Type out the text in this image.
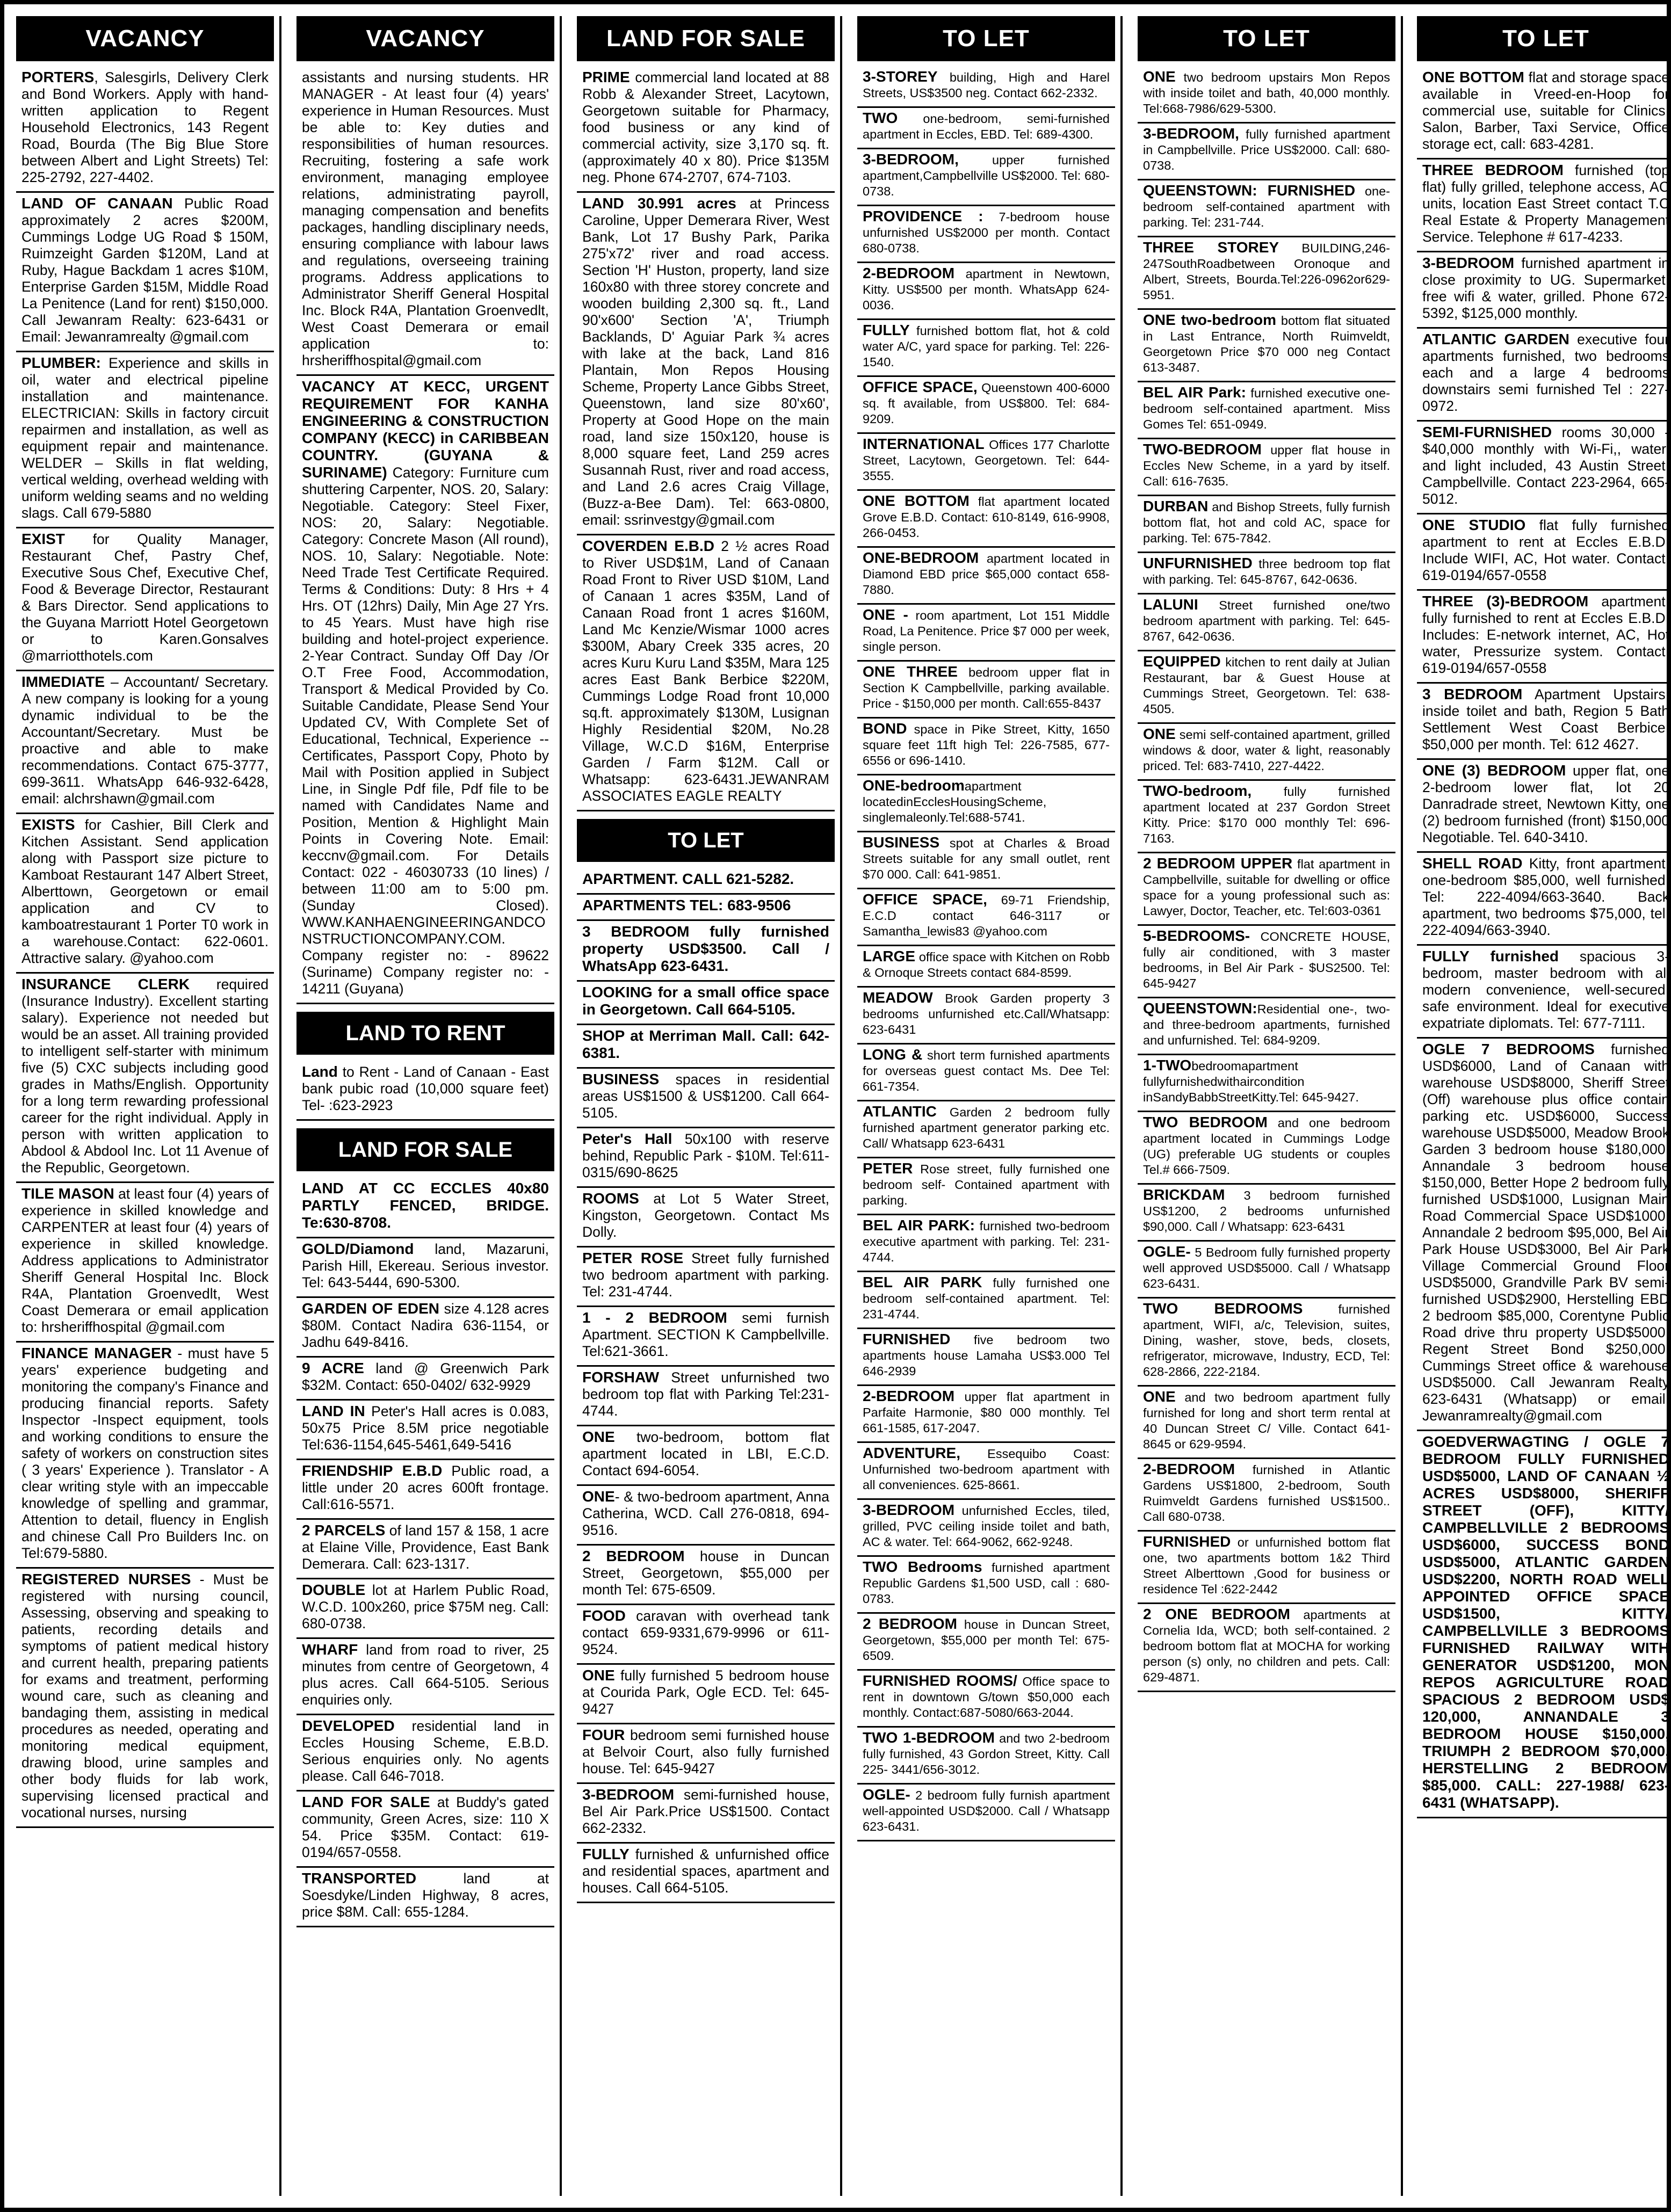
VACANCY
PORTERS, Salesgirls, Delivery Clerk and Bond Workers. Apply with hand-written application to Regent Household Electronics, 143 Regent Road, Bourda (The Big Blue Store between Albert and Light Streets) Tel: 225-2792, 227-4402.
LAND OF CANAAN Public Road approximately 2 acres $200M, Cummings Lodge UG Road $ 150M, Ruimzeight Garden $120M, Land at Ruby, Hague Backdam 1 acres $10M, Enterprise Garden $15M, Middle Road La Penitence (Land for rent) $150,000. Call Jewanram Realty: 623-6431 or Email: Jewanramrealty @gmail.com
PLUMBER: Experience and skills in oil, water and electrical pipeline installation and maintenance. ELECTRICIAN: Skills in factory circuit repairmen and installation, as well as equipment repair and maintenance. WELDER – Skills in flat welding, vertical welding, overhead welding with uniform welding seams and no welding slags. Call 679-5880
EXIST for Quality Manager, Restaurant Chef, Pastry Chef, Executive Sous Chef, Executive Chef, Food & Beverage Director, Restaurant & Bars Director. Send applications to the Guyana Marriott Hotel Georgetown or to Karen.Gonsalves @marriotthotels.com
IMMEDIATE – Accountant/ Secretary. A new company is looking for a young dynamic individual to be the Accountant/Secretary. Must be proactive and able to make recommendations. Contact 675-3777, 699-3611. WhatsApp 646-932-6428, email: alchrshawn@gmail.com
EXISTS for Cashier, Bill Clerk and Kitchen Assistant. Send application along with Passport size picture to Kamboat Restaurant 147 Albert Street, Alberttown, Georgetown or email application and CV to kamboatrestaurant 1 Porter T0 work in a warehouse.Contact: 622-0601. Attractive salary. @yahoo.com
INSURANCE CLERK required (Insurance Industry). Excellent starting salary). Experience not needed but would be an asset. All training provided to intelligent self-starter with minimum five (5) CXC subjects including good grades in Maths/English. Opportunity for a long term rewarding professional career for the right individual. Apply in person with written application to Abdool & Abdool Inc. Lot 11 Avenue of the Republic, Georgetown.
TILE MASON at least four (4) years of experience in skilled knowledge and CARPENTER at least four (4) years of experience in skilled knowledge. Address applications to Administrator Sheriff General Hospital Inc. Block R4A, Plantation Groenvedlt, West Coast Demerara or email application to: hrsheriffhospital @gmail.com
FINANCE MANAGER - must have 5 years' experience budgeting and monitoring the company's Finance and producing financial reports. Safety Inspector -Inspect equipment, tools and working conditions to ensure the safety of workers on construction sites ( 3 years' Experience ). Translator - A clear writing style with an impeccable knowledge of spelling and grammar, Attention to detail, fluency in English and chinese Call Pro Builders Inc. on Tel:679-5880.
REGISTERED NURSES - Must be registered with nursing council, Assessing, observing and speaking to patients, recording details and symptoms of patient medical history and current health, preparing patients for exams and treatment, performing wound care, such as cleaning and bandaging them, assisting in medical procedures as needed, operating and monitoring medical equipment, drawing blood, urine samples and other body fluids for lab work, supervising licensed practical and vocational nurses, nursing
VACANCY
assistants and nursing students. HR MANAGER - At least four (4) years' experience in Human Resources. Must be able to: Key duties and responsibilities of human resources. Recruiting, fostering a safe work environment, managing employee relations, administrating payroll, managing compensation and benefits packages, handling disciplinary needs, ensuring compliance with labour laws and regulations, overseeing training programs. Address applications to Administrator Sheriff General Hospital Inc. Block R4A, Plantation Groenvedlt, West Coast Demerara or email application to: hrsheriffhospital@gmail.com
VACANCY AT KECC, URGENT REQUIREMENT FOR KANHA ENGINEERING & CONSTRUCTION COMPANY (KECC) in CARIBBEAN COUNTRY. (GUYANA & SURINAME) Category: Furniture cum shuttering Carpenter, NOS. 20, Salary: Negotiable. Category: Steel Fixer, NOS: 20, Salary: Negotiable. Category: Concrete Mason (All round), NOS. 10, Salary: Negotiable. Note: Need Trade Test Certificate Required. Terms & Conditions: Duty: 8 Hrs + 4 Hrs. OT (12hrs) Daily, Min Age 27 Yrs. to 45 Years. Must have high rise building and hotel-project experience. 2-Year Contract. Sunday Off Day /Or O.T Free Food, Accommodation, Transport & Medical Provided by Co. Suitable Candidate, Please Send Your Updated CV, With Complete Set of Educational, Technical, Experience -- Certificates, Passport Copy, Photo by Mail with Position applied in Subject Line, in Single Pdf file, Pdf file to be named with Candidates Name and Position, Mention & Highlight Main Points in Covering Note. Email: keccnv@gmail.com. For Details Contact: 022 - 46030733 (10 lines) / between 11:00 am to 5:00 pm. (Sunday Closed). WWW.KANHAENGINEERINGANDCONSTRUCTIONCOMPANY.COM. Company register no: - 89622 (Suriname) Company register no: - 14211 (Guyana)
LAND TO RENT
Land to Rent - Land of Canaan - East bank pubic road (10,000 square feet) Tel- :623-2923
LAND FOR SALE
LAND AT CC ECCLES 40x80 PARTLY FENCED, BRIDGE. Te:630-8708.
GOLD/Diamond land, Mazaruni, Parish Hill, Ekereau. Serious investor. Tel: 643-5444, 690-5300.
GARDEN OF EDEN size 4.128 acres $80M. Contact Nadira 636-1154, or Jadhu 649-8416.
9 ACRE land @ Greenwich Park $32M. Contact: 650-0402/ 632-9929
LAND IN Peter's Hall acres is 0.083, 50x75 Price 8.5M price negotiable Tel:636-1154,645-5461,649-5416
FRIENDSHIP E.B.D Public road, a little under 20 acres 600ft frontage. Call:616-5571.
2 PARCELS of land 157 & 158, 1 acre at Elaine Ville, Providence, East Bank Demerara. Call: 623-1317.
DOUBLE lot at Harlem Public Road, W.C.D. 100x260, price $75M neg. Call: 680-0738.
WHARF land from road to river, 25 minutes from centre of Georgetown, 4 plus acres. Call 664-5105. Serious enquiries only.
DEVELOPED residential land in Eccles Housing Scheme, E.B.D. Serious enquiries only. No agents please. Call 646-7018.
LAND FOR SALE at Buddy's gated community, Green Acres, size: 110 X 54. Price $35M. Contact: 619-0194/657-0558.
TRANSPORTED land at Soesdyke/Linden Highway, 8 acres, price $8M. Call: 655-1284.
LAND FOR SALE
PRIME commercial land located at 88 Robb & Alexander Street, Lacytown, Georgetown suitable for Pharmacy, food business or any kind of commercial activity, size 3,170 sq. ft. (approximately 40 x 80). Price $135M neg. Phone 674-2707, 674-7103.
LAND 30.991 acres at Princess Caroline, Upper Demerara River, West Bank, Lot 17 Bushy Park, Parika 275'x72' river and road access. Section 'H' Huston, property, land size 160x80 with three storey concrete and wooden building 2,300 sq. ft., Land 90'x600' Section 'A', Triumph Backlands, D' Aguiar Park ¾ acres with lake at the back, Land 816 Plantain, Mon Repos Housing Scheme, Property Lance Gibbs Street, Queenstown, land size 80'x60', Property at Good Hope on the main road, land size 150x120, house is 8,000 square feet, Land 259 acres Susannah Rust, river and road access, and Land 2.6 acres Craig Village, (Buzz-a-Bee Dam). Tel: 663-0800, email: ssrinvestgy@gmail.com
COVERDEN E.B.D 2 ½ acres Road to River USD$1M, Land of Canaan Road Front to River USD $10M, Land of Canaan 1 acres $35M, Land of Canaan Road front 1 acres $160M, Land Mc Kenzie/Wismar 1000 acres $300M, Abary Creek 335 acres, 20 acres Kuru Kuru Land $35M, Mara 125 acres East Bank Berbice $220M, Cummings Lodge Road front 10,000 sq.ft. approximately $130M, Lusignan Highly Residential $20M, No.28 Village, W.C.D $16M, Enterprise Garden / Farm $12M. Call or Whatsapp: 623-6431.JEWANRAM ASSOCIATES EAGLE REALTY
TO LET
APARTMENT. CALL 621-5282.
APARTMENTS TEL: 683-9506
3 BEDROOM fully furnished property USD$3500. Call / WhatsApp 623-6431.
LOOKING for a small office space in Georgetown. Call 664-5105.
SHOP at Merriman Mall. Call: 642-6381.
BUSINESS spaces in residential areas US$1500 & US$1200. Call 664-5105.
Peter's Hall 50x100 with reserve behind, Republic Park - $10M. Tel:611-0315/690-8625
ROOMS at Lot 5 Water Street, Kingston, Georgetown. Contact Ms Dolly.
PETER ROSE Street fully furnished two bedroom apartment with parking. Tel: 231-4744.
1 - 2 BEDROOM semi furnish Apartment. SECTION K Campbellville. Tel:621-3661.
FORSHAW Street unfurnished two bedroom top flat with Parking Tel:231-4744.
ONE two-bedroom, bottom flat apartment located in LBI, E.C.D. Contact 694-6054.
ONE- & two-bedroom apartment, Anna Catherina, WCD. Call 276-0818, 694-9516.
2 BEDROOM house in Duncan Street, Georgetown, $55,000 per month Tel: 675-6509.
FOOD caravan with overhead tank contact 659-9331,679-9996 or 611-9524.
ONE fully furnished 5 bedroom house at Courida Park, Ogle ECD. Tel: 645-9427
FOUR bedroom semi furnished house at Belvoir Court, also fully furnished house. Tel: 645-9427
3-BEDROOM semi-furnished house, Bel Air Park.Price US$1500. Contact 662-2332.
FULLY furnished & unfurnished office and residential spaces, apartment and houses. Call 664-5105.
TO LET
3-STOREY building, High and Harel Streets, US$3500 neg. Contact 662-2332.
TWO one-bedroom, semi-furnished apartment in Eccles, EBD. Tel: 689-4300.
3-BEDROOM, upper furnished apartment,Campbellville US$2000. Tel: 680-0738.
PROVIDENCE : 7-bedroom house unfurnished US$2000 per month. Contact 680-0738.
2-BEDROOM apartment in Newtown, Kitty. US$500 per month. WhatsApp 624-0036.
FULLY furnished bottom flat, hot & cold water A/C, yard space for parking. Tel: 226-1540.
OFFICE SPACE, Queenstown 400-6000 sq. ft available, from US$800. Tel: 684-9209.
INTERNATIONAL Offices 177 Charlotte Street, Lacytown, Georgetown. Tel: 644-3555.
ONE BOTTOM flat apartment located Grove E.B.D. Contact: 610-8149, 616-9908, 266-0453.
ONE-BEDROOM apartment located in Diamond EBD price $65,000 contact 658-7880.
ONE - room apartment, Lot 151 Middle Road, La Penitence. Price $7 000 per week, single person.
ONE THREE bedroom upper flat in Section K Campbellville, parking available. Price - $150,000 per month. Call:655-8437
BOND space in Pike Street, Kitty, 1650 square feet 11ft high Tel: 226-7585, 677-6556 or 696-1410.
ONE-bedroomapartment locatedinEcclesHousingScheme, singlemaleonly.Tel:688-5741.
BUSINESS spot at Charles & Broad Streets suitable for any small outlet, rent $70 000. Call: 641-9851.
OFFICE SPACE, 69-71 Friendship, E.C.D contact 646-3117 or Samantha_lewis83 @yahoo.com
LARGE office space with Kitchen on Robb & Ornoque Streets contact 684-8599.
MEADOW Brook Garden property 3 bedrooms unfurnished etc.Call/Whatsapp: 623-6431
LONG & short term furnished apartments for overseas guest contact Ms. Dee Tel: 661-7354.
ATLANTIC Garden 2 bedroom fully furnished apartment generator parking etc. Call/ Whatsapp 623-6431
PETER Rose street, fully furnished one bedroom self- Contained apartment with parking.
BEL AIR PARK: furnished two-bedroom executive apartment with parking. Tel: 231-4744.
BEL AIR PARK fully furnished one bedroom self-contained apartment. Tel: 231-4744.
FURNISHED five bedroom two apartments house Lamaha US$3.000 Tel 646-2939
2-BEDROOM upper flat apartment in Parfaite Harmonie, $80 000 monthly. Tel 661-1585, 617-2047.
ADVENTURE, Essequibo Coast: Unfurnished two-bedroom apartment with all conveniences. 625-8661.
3-BEDROOM unfurnished Eccles, tiled, grilled, PVC ceiling inside toilet and bath, AC & water. Tel: 664-9062, 662-9248.
TWO Bedrooms furnished apartment Republic Gardens $1,500 USD, call : 680-0783.
2 BEDROOM house in Duncan Street, Georgetown, $55,000 per month Tel: 675-6509.
FURNISHED ROOMS/ Office space to rent in downtown G/town $50,000 each monthly. Contact:687-5080/663-2044.
TWO 1-BEDROOM and two 2-bedroom fully furnished, 43 Gordon Street, Kitty. Call 225- 3441/656-3012.
OGLE- 2 bedroom fully furnish apartment well-appointed USD$2000. Call / Whatsapp 623-6431.
TO LET
ONE two bedroom upstairs Mon Repos with inside toilet and bath, 40,000 monthly. Tel:668-7986/629-5300.
3-BEDROOM, fully furnished apartment in Campbellville. Price US$2000. Call: 680-0738.
QUEENSTOWN: FURNISHED one-bedroom self-contained apartment with parking. Tel: 231-744.
THREE STOREY BUILDING,246-247SouthRoadbetween Oronoque and Albert, Streets, Bourda.Tel:226-0962or629-5951.
ONE two-bedroom bottom flat situated in Last Entrance, North Ruimveldt, Georgetown Price $70 000 neg Contact 613-3487.
BEL AIR Park: furnished executive one-bedroom self-contained apartment. Miss Gomes Tel: 651-0949.
TWO-BEDROOM upper flat house in Eccles New Scheme, in a yard by itself. Call: 616-7635.
DURBAN and Bishop Streets, fully furnish bottom flat, hot and cold AC, space for parking. Tel: 675-7842.
UNFURNISHED three bedroom top flat with parking. Tel: 645-8767, 642-0636.
LALUNI Street furnished one/two bedroom apartment with parking. Tel: 645-8767, 642-0636.
EQUIPPED kitchen to rent daily at Julian Restaurant, bar & Guest House at Cummings Street, Georgetown. Tel: 638-4505.
ONE semi self-contained apartment, grilled windows & door, water & light, reasonably priced. Tel: 683-7410, 227-4422.
TWO-bedroom, fully furnished apartment located at 237 Gordon Street Kitty. Price: $170 000 monthly Tel: 696-7163.
2 BEDROOM UPPER flat apartment in Campbellville, suitable for dwelling or office space for a young professional such as: Lawyer, Doctor, Teacher, etc. Tel:603-0361
5-BEDROOMS- CONCRETE HOUSE, fully air conditioned, with 3 master bedrooms, in Bel Air Park - $US2500. Tel: 645-9427
QUEENSTOWN:Residential one-, two- and three-bedroom apartments, furnished and unfurnished. Tel: 684-9209.
1-TWObedroomapartment fullyfurnishedwithaircondition inSandyBabbStreetKitty.Tel: 645-9427.
TWO BEDROOM and one bedroom apartment located in Cummings Lodge (UG) preferable UG students or couples Tel.# 666-7509.
BRICKDAM 3 bedroom furnished US$1200, 2 bedrooms unfurnished $90,000. Call / Whatsapp: 623-6431
OGLE- 5 Bedroom fully furnished property well approved USD$5000. Call / Whatsapp 623-6431.
TWO BEDROOMS furnished apartment, WIFI, a/c, Television, suites, Dining, washer, stove, beds, closets, refrigerator, microwave, Industry, ECD, Tel: 628-2866, 222-2184.
ONE and two bedroom apartment fully furnished for long and short term rental at 40 Duncan Street C/ Ville. Contact 641-8645 or 629-9594.
2-BEDROOM furnished in Atlantic Gardens US$1800, 2-bedroom, South Ruimveldt Gardens furnished US$1500.. Call 680-0738.
FURNISHED or unfurnished bottom flat one, two apartments bottom 1&2 Third Street Alberttown ,Good for business or residence Tel :622-2442
2 ONE BEDROOM apartments at Cornelia Ida, WCD; both self-contained. 2 bedroom bottom flat at MOCHA for working person (s) only, no children and pets. Call: 629-4871.
TO LET
ONE BOTTOM flat and storage space available in Vreed-en-Hoop for commercial use, suitable for Clinics, Salon, Barber, Taxi Service, Office storage ect, call: 683-4281.
THREE BEDROOM furnished (top flat) fully grilled, telephone access, AC units, location East Street contact T.C Real Estate & Property Management Service. Telephone # 617-4233.
3-BEDROOM furnished apartment in close proximity to UG. Supermarket, free wifi & water, grilled. Phone 672-5392, $125,000 monthly.
ATLANTIC GARDEN executive four apartments furnished, two bedrooms each and a large 4 bedrooms downstairs semi furnished Tel : 227-0972.
SEMI-FURNISHED rooms 30,000 - $40,000 monthly with Wi-Fi,, water, and light included, 43 Austin Street, Campbellville. Contact 223-2964, 665-5012.
ONE STUDIO flat fully furnished apartment to rent at Eccles E.B.D. Include WIFI, AC, Hot water. Contact: 619-0194/657-0558
THREE (3)-BEDROOM apartment, fully furnished to rent at Eccles E.B.D. Includes: E-network internet, AC, Hot water, Pressurize system. Contact: 619-0194/657-0558
3 BEDROOM Apartment Upstairs, inside toilet and bath, Region 5 Bath Settlement West Coast Berbice, $50,000 per month. Tel: 612 4627.
ONE (3) BEDROOM upper flat, one 2-bedroom lower flat, lot 20 Danradrade street, Newtown Kitty, one (2) bedroom furnished (front) $150,000 Negotiable. Tel. 640-3410.
SHELL ROAD Kitty, front apartment, one-bedroom $85,000, well furnished. Tel: 222-4094/663-3640. Back apartment, two bedrooms $75,000, tel: 222-4094/663-3940.
FULLY furnished spacious 3-bedroom, master bedroom with all modern convenience, well-secured, safe environment. Ideal for executive expatriate diplomats. Tel: 677-7111.
OGLE 7 BEDROOMS furnished USD$6000, Land of Canaan with warehouse USD$8000, Sheriff Street (Off) warehouse plus office contain parking etc. USD$6000, Success warehouse USD$5000, Meadow Brook Garden 3 bedroom house $180,000, Annandale 3 bedroom house $150,000, Better Hope 2 bedroom fully furnished USD$1000, Lusignan Main Road Commercial Space USD$1000, Annandale 2 bedroom $95,000, Bel Air Park House USD$3000, Bel Air Park Village Commercial Ground Floor USD$5000, Grandville Park BV semi- furnished USD$2900, Herstelling EBD 2 bedroom $85,000, Corentyne Public Road drive thru property USD$5000, Regent Street Bond $250,000, Cummings Street office & warehouse USD$5000. Call Jewanram Realty 623-6431 (Whatsapp) or email: Jewanramrealty@gmail.com
GOEDVERWAGTING / OGLE 7 BEDROOM FULLY FURNISHED USD$5000, LAND OF CANAAN ½ ACRES USD$8000, SHERIFF STREET (OFF), KITTY/ CAMPBELLVILLE 2 BEDROOMS USD$6000, SUCCESS BOND USD$5000, ATLANTIC GARDEN USD$2200, NORTH ROAD WELL APPOINTED OFFICE SPACE USD$1500, KITTY/ CAMPBELLVILLE 3 BEDROOMS FURNISHED RAILWAY WITH GENERATOR USD$1200, MON REPOS AGRICULTURE ROAD SPACIOUS 2 BEDROOM USD$ 120,000, ANNANDALE 3 BEDROOM HOUSE $150,000, TRIUMPH 2 BEDROOM $70,000, HERSTELLING 2 BEDROOM $85,000. CALL: 227-1988/ 623-6431 (WHATSAPP).
